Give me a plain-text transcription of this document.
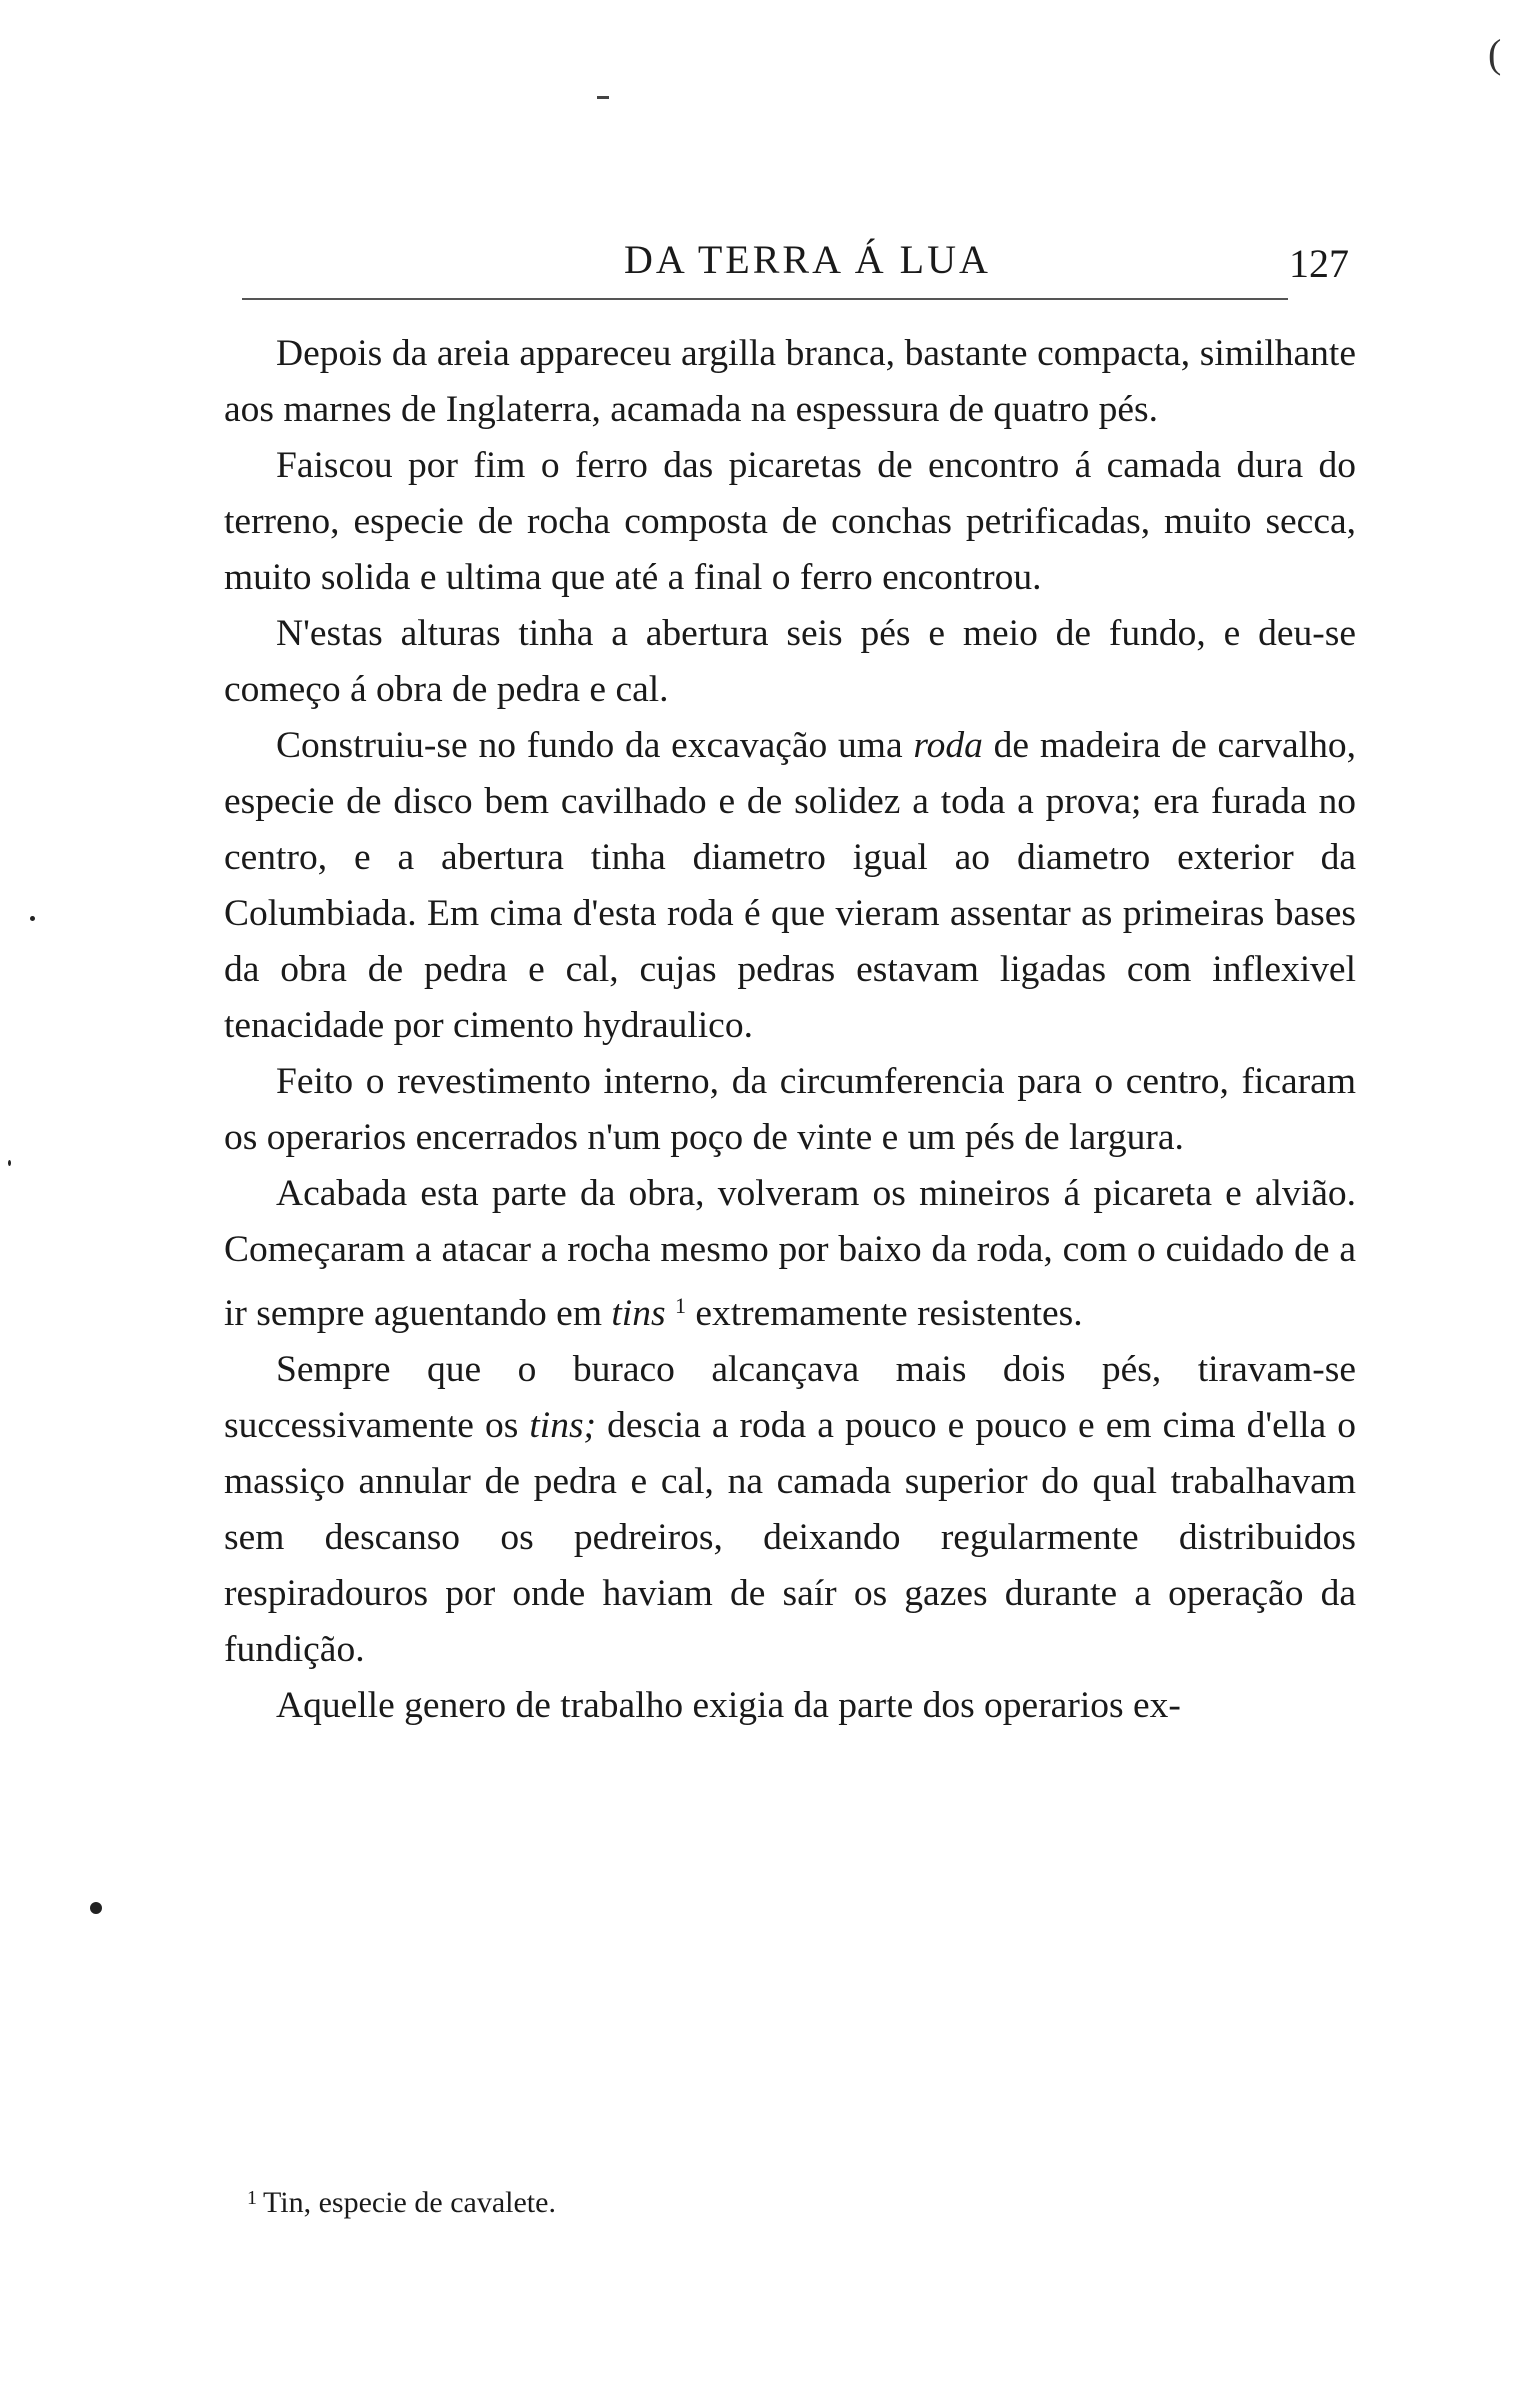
(
DA TERRA Á LUA	127

Depois da areia appareceu argilla branca, bastante compacta, similhante aos marnes de Inglaterra, acamada na espessura de quatro pés.

Faiscou por fim o ferro das picaretas de encontro á camada dura do terreno, especie de rocha composta de conchas petrificadas, muito secca, muito solida e ultima que até a final o ferro encontrou.

N'estas alturas tinha a abertura seis pés e meio de fundo, e deu-se começo á obra de pedra e cal.

Construiu-se no fundo da excavação uma roda de madeira de carvalho, especie de disco bem cavilhado e de solidez a toda a prova; era furada no centro, e a abertura tinha diametro igual ao diametro exterior da Columbiada. Em cima d'esta roda é que vieram assentar as primeiras bases da obra de pedra e cal, cujas pedras estavam ligadas com inflexivel tenacidade por cimento hydraulico.

Feito o revestimento interno, da circumferencia para o centro, ficaram os operarios encerrados n'um poço de vinte e um pés de largura.

Acabada esta parte da obra, volveram os mineiros á picareta e alvião. Começaram a atacar a rocha mesmo por baixo da roda, com o cuidado de a ir sempre aguentando em tins $^1$ extremamente resistentes.

Sempre que o buraco alcançava mais dois pés, tiravam-se successivamente os tins; descia a roda a pouco e pouco e em cima d'ella o massiço annular de pedra e cal, na camada superior do qual trabalhavam sem descanso os pedreiros, deixando regularmente distribuidos respiradouros por onde haviam de saír os gazes durante a operação da fundição.

Aquelle genero de trabalho exigia da parte dos operarios ex-

$^1$ Tin, especie de cavalete.
